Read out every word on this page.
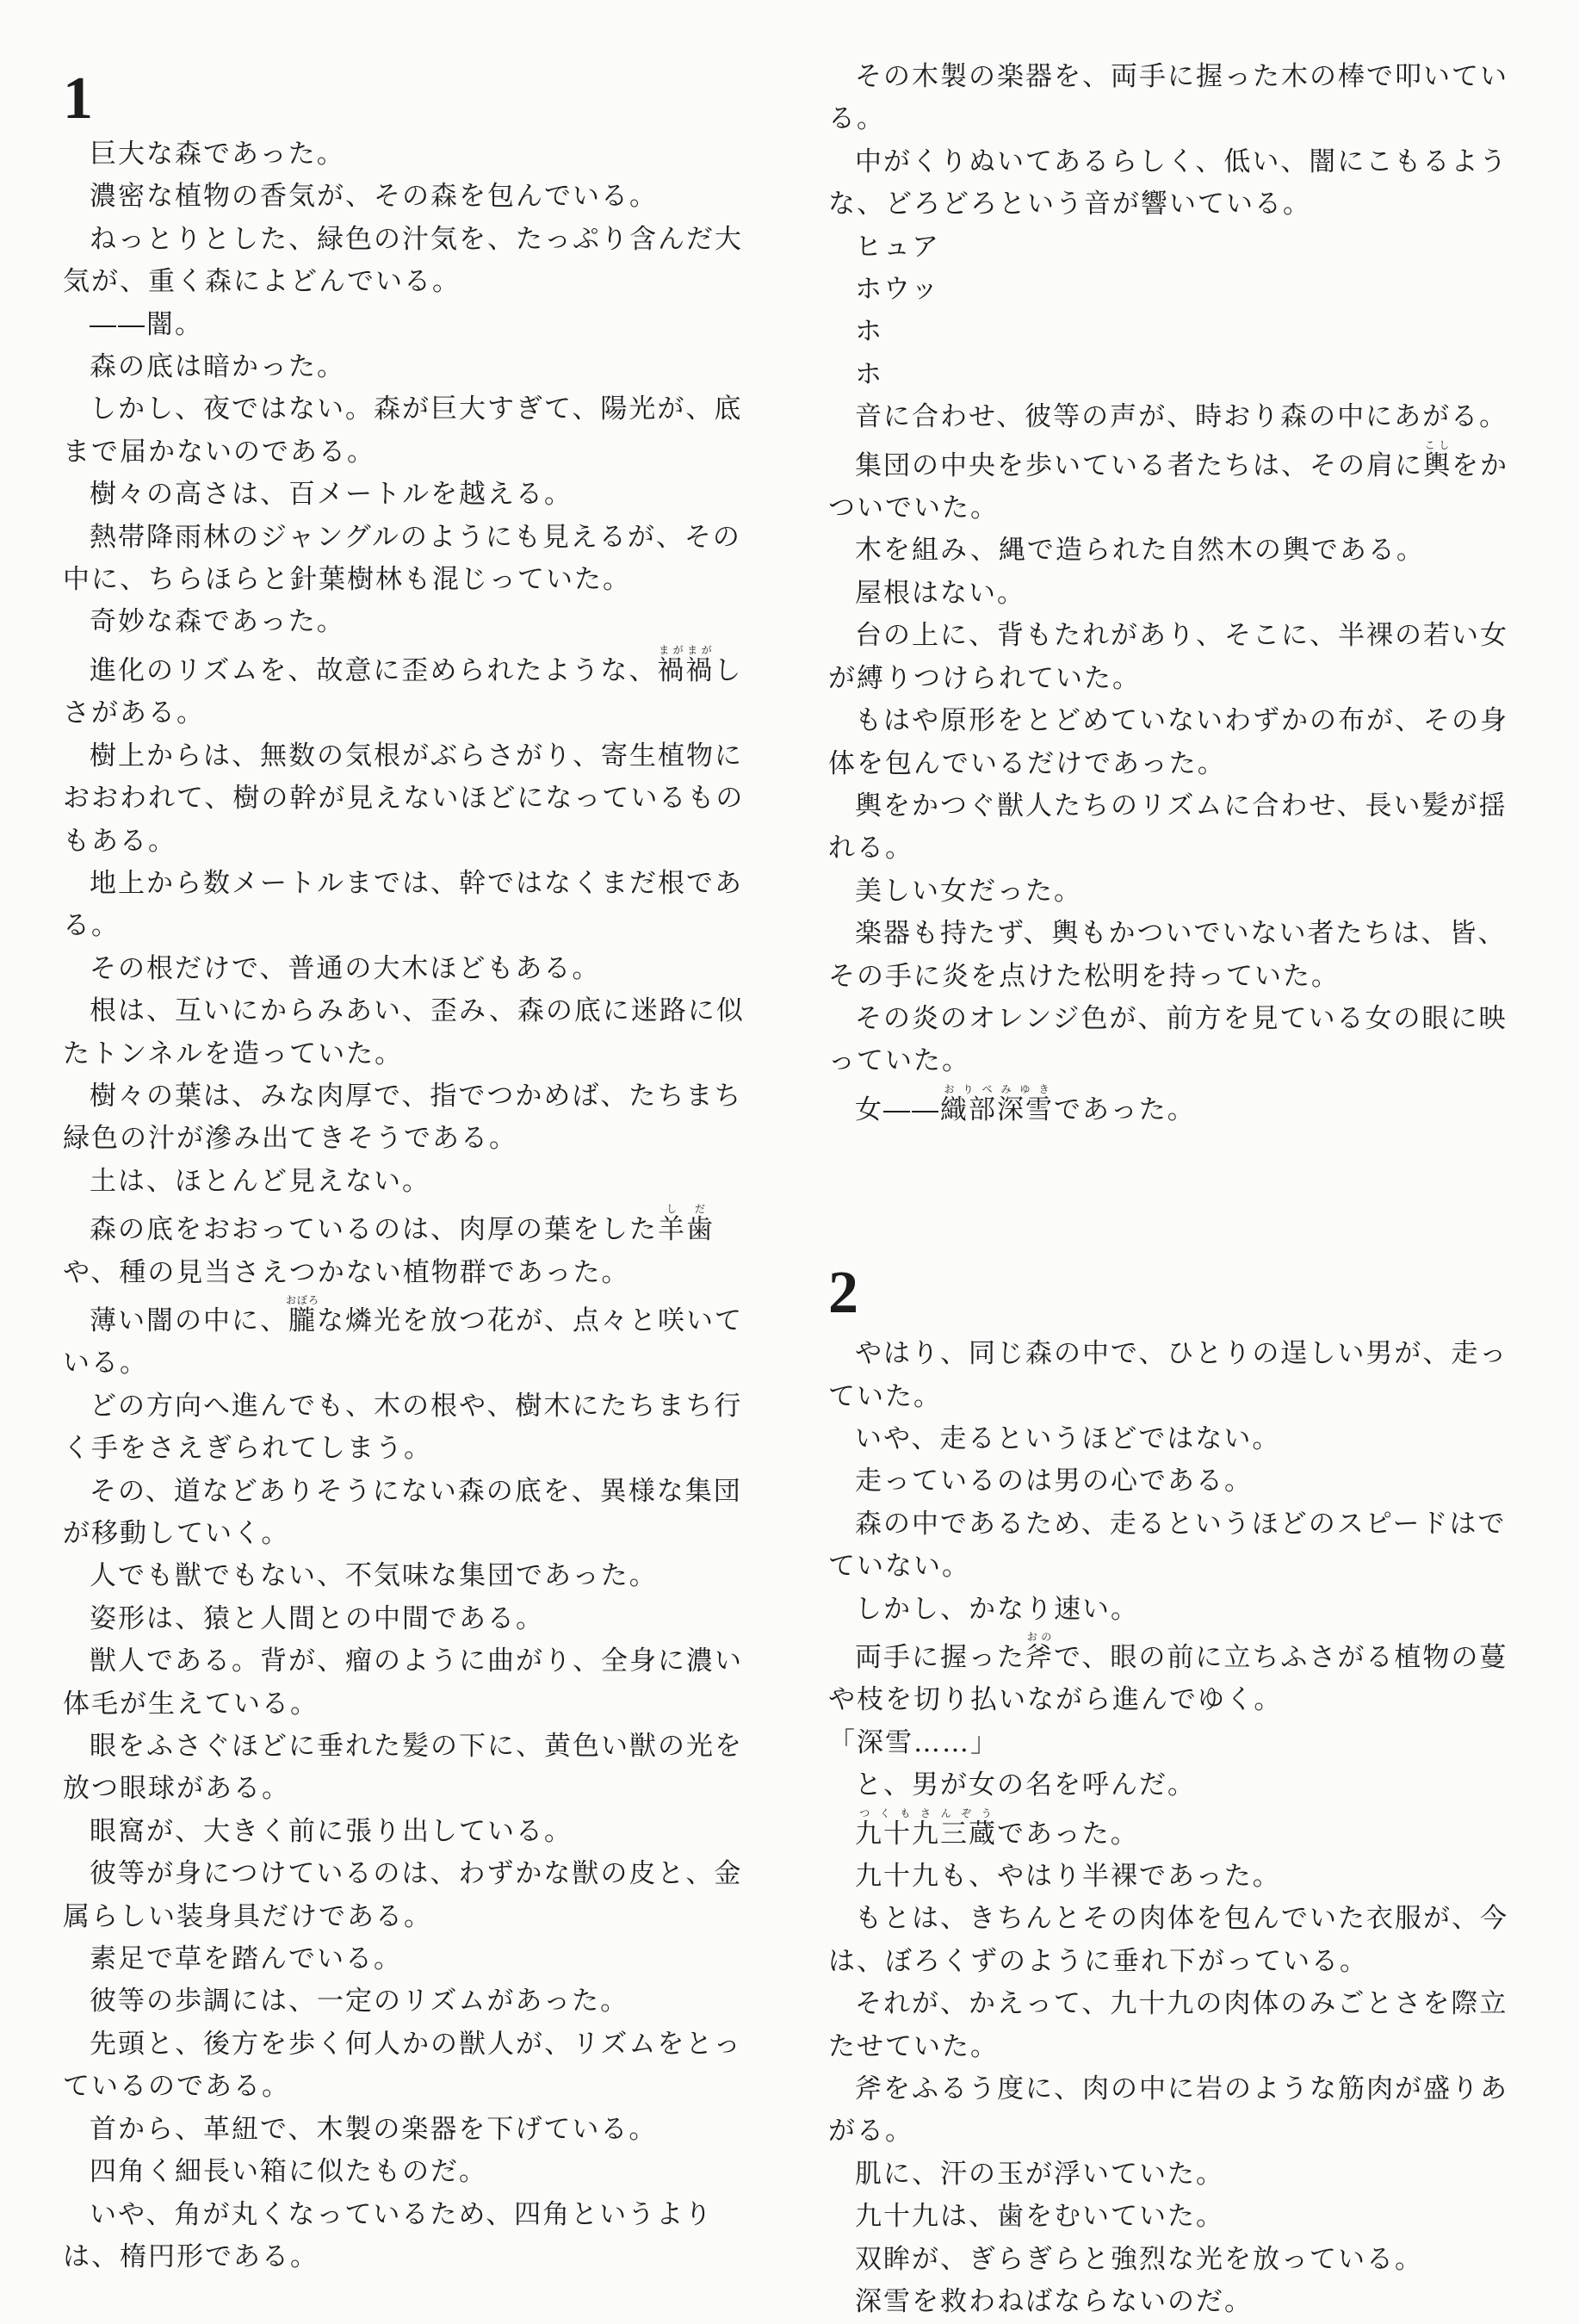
1

巨大な森であった。

濃密な植物の香気が、その森を包んでいる。

ねっとりとした、緑色の汁気を、たっぷり含んだ大気が、重く森によどんでいる。

――闇。

森の底は暗かった。

しかし、夜ではない。森が巨大すぎて、陽光が、底まで届かないのである。

樹々の高さは、百メートルを越える。

熱帯降雨林のジャングルのようにも見えるが、その中に、ちらほらと針葉樹林も混じっていた。

奇妙な森であった。

進化のリズムを、故意に歪められたような、禍禍まがまがしさがある。

樹上からは、無数の気根がぶらさがり、寄生植物におおわれて、樹の幹が見えないほどになっているものもある。

地上から数メートルまでは、幹ではなくまだ根である。

その根だけで、普通の大木ほどもある。

根は、互いにからみあい、歪み、森の底に迷路に似たトンネルを造っていた。

樹々の葉は、みな肉厚で、指でつかめば、たちまち緑色の汁が滲み出てきそうである。

土は、ほとんど見えない。

森の底をおおっているのは、肉厚の葉をした羊歯しだや、種の見当さえつかない植物群であった。

薄い闇の中に、朧おぼろな燐光を放つ花が、点々と咲いている。

どの方向へ進んでも、木の根や、樹木にたちまち行く手をさえぎられてしまう。

その、道などありそうにない森の底を、異様な集団が移動していく。

人でも獣でもない、不気味な集団であった。

姿形は、猿と人間との中間である。

獣人である。背が、瘤のように曲がり、全身に濃い体毛が生えている。

眼をふさぐほどに垂れた髪の下に、黄色い獣の光を放つ眼球がある。

眼窩が、大きく前に張り出している。

彼等が身につけているのは、わずかな獣の皮と、金属らしい装身具だけである。

素足で草を踏んでいる。

彼等の歩調には、一定のリズムがあった。

先頭と、後方を歩く何人かの獣人が、リズムをとっているのである。

首から、革紐で、木製の楽器を下げている。

四角く細長い箱に似たものだ。

いや、角が丸くなっているため、四角というよりは、楕円形である。

その木製の楽器を、両手に握った木の棒で叩いている。

中がくりぬいてあるらしく、低い、闇にこもるような、どろどろという音が響いている。

ヒュア

ホウッ

ホ

ホ

音に合わせ、彼等の声が、時おり森の中にあがる。

集団の中央を歩いている者たちは、その肩に輿こしをかついでいた。

木を組み、縄で造られた自然木の輿である。

屋根はない。

台の上に、背もたれがあり、そこに、半裸の若い女が縛りつけられていた。

もはや原形をとどめていないわずかの布が、その身体を包んでいるだけであった。

輿をかつぐ獣人たちのリズムに合わせ、長い髪が揺れる。

美しい女だった。

楽器も持たず、輿もかついでいない者たちは、皆、その手に炎を点けた松明を持っていた。

その炎のオレンジ色が、前方を見ている女の眼に映っていた。

女――織部深雪おりべみゆきであった。

2

やはり、同じ森の中で、ひとりの逞しい男が、走っていた。

いや、走るというほどではない。

走っているのは男の心である。

森の中であるため、走るというほどのスピードはでていない。

しかし、かなり速い。

両手に握った斧おので、眼の前に立ちふさがる植物の蔓や枝を切り払いながら進んでゆく。

「深雪……」

と、男が女の名を呼んだ。

九十九三蔵つくもさんぞうであった。

九十九も、やはり半裸であった。

もとは、きちんとその肉体を包んでいた衣服が、今は、ぼろくずのように垂れ下がっている。

それが、かえって、九十九の肉体のみごとさを際立たせていた。

斧をふるう度に、肉の中に岩のような筋肉が盛りあがる。

肌に、汗の玉が浮いていた。

九十九は、歯をむいていた。

双眸が、ぎらぎらと強烈な光を放っている。

深雪を救わねばならないのだ。
